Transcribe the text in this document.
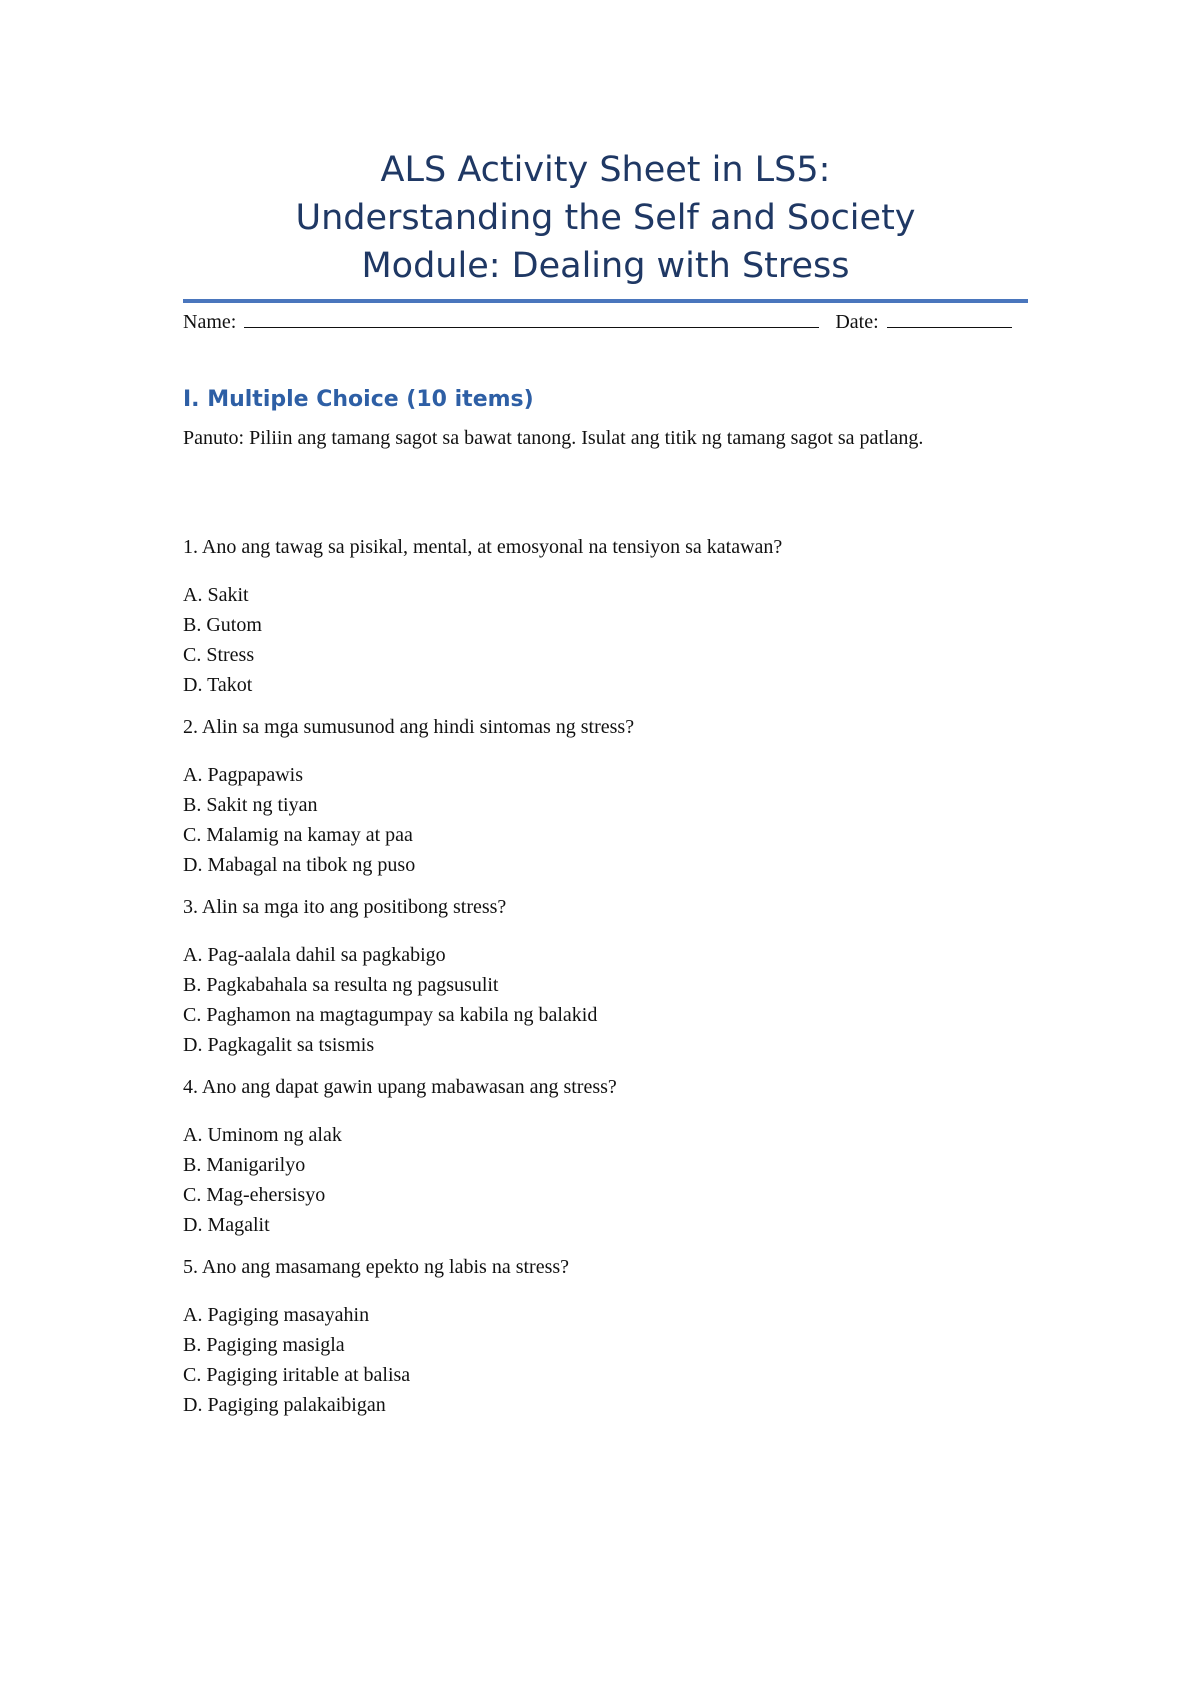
ALS Activity Sheet in LS5:
Understanding the Self and Society
Module: Dealing with Stress
Name:	Date:
I. Multiple Choice (10 items)
Panuto: Piliin ang tamang sagot sa bawat tanong. Isulat ang titik ng tamang sagot sa patlang.
1. Ano ang tawag sa pisikal, mental, at emosyonal na tensiyon sa katawan?
A. Sakit
B. Gutom
C. Stress
D. Takot
2. Alin sa mga sumusunod ang hindi sintomas ng stress?
A. Pagpapawis
B. Sakit ng tiyan
C. Malamig na kamay at paa
D. Mabagal na tibok ng puso
3. Alin sa mga ito ang positibong stress?
A. Pag-aalala dahil sa pagkabigo
B. Pagkabahala sa resulta ng pagsusulit
C. Paghamon na magtagumpay sa kabila ng balakid
D. Pagkagalit sa tsismis
4. Ano ang dapat gawin upang mabawasan ang stress?
A. Uminom ng alak
B. Manigarilyo
C. Mag-ehersisyo
D. Magalit
5. Ano ang masamang epekto ng labis na stress?
A. Pagiging masayahin
B. Pagiging masigla
C. Pagiging iritable at balisa
D. Pagiging palakaibigan
